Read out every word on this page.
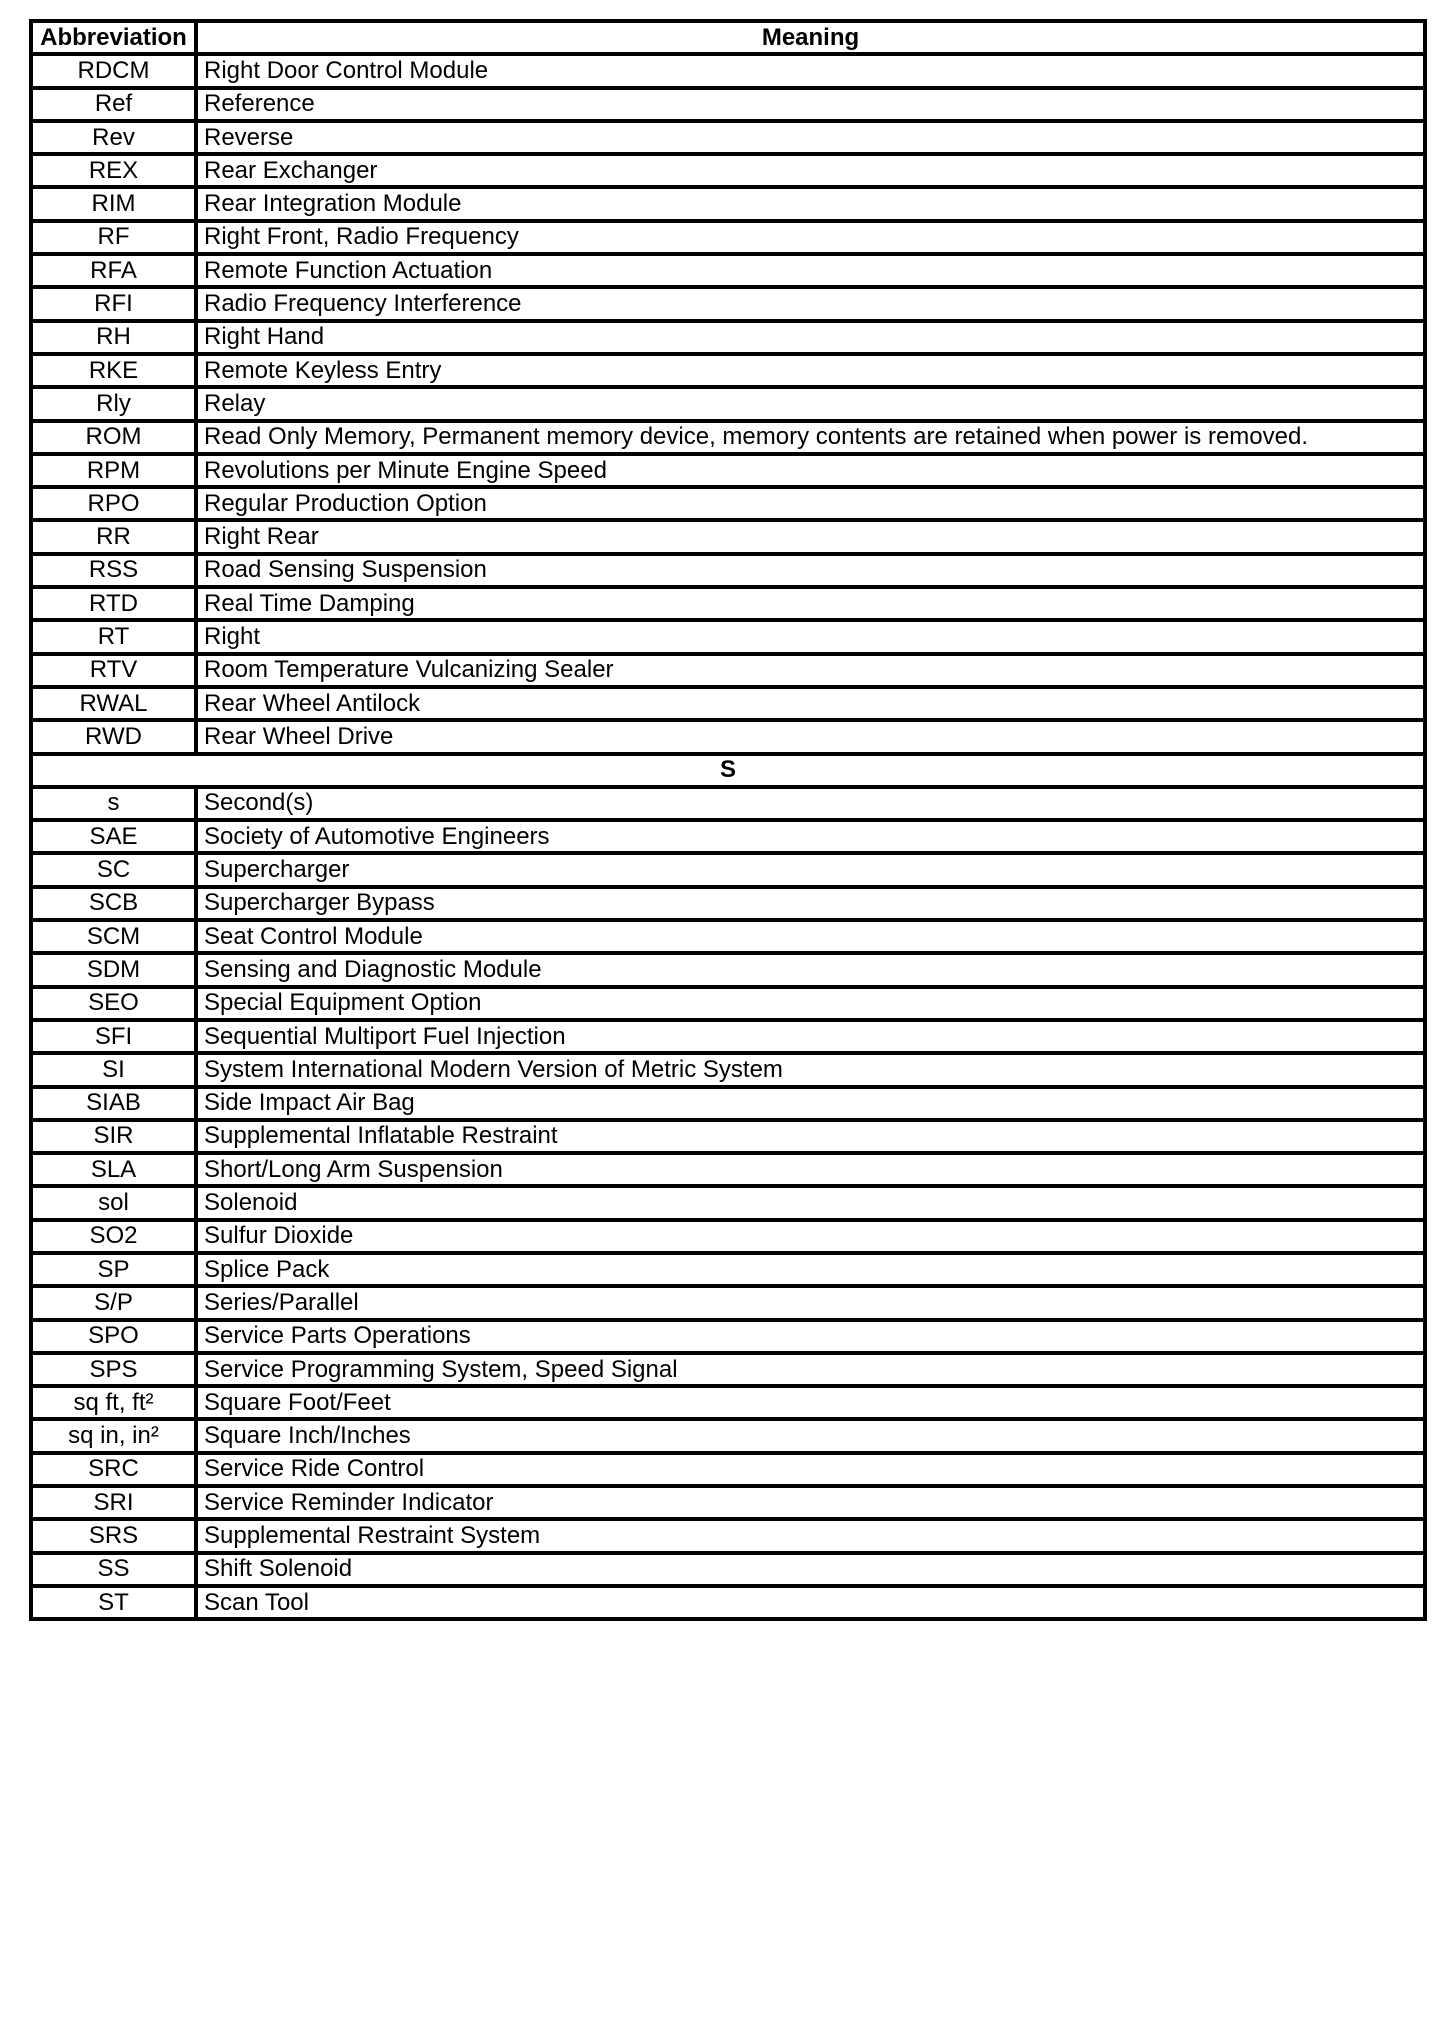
Abbreviation	Meaning
RDCM	Right Door Control Module
Ref	Reference
Rev	Reverse
REX	Rear Exchanger
RIM	Rear Integration Module
RF	Right Front, Radio Frequency
RFA	Remote Function Actuation
RFI	Radio Frequency Interference
RH	Right Hand
RKE	Remote Keyless Entry
Rly	Relay
ROM	Read Only Memory, Permanent memory device, memory contents are retained when power is removed.
RPM	Revolutions per Minute Engine Speed
RPO	Regular Production Option
RR	Right Rear
RSS	Road Sensing Suspension
RTD	Real Time Damping
RT	Right
RTV	Room Temperature Vulcanizing Sealer
RWAL	Rear Wheel Antilock
RWD	Rear Wheel Drive
S	
s	Second(s)
SAE	Society of Automotive Engineers
SC	Supercharger
SCB	Supercharger Bypass
SCM	Seat Control Module
SDM	Sensing and Diagnostic Module
SEO	Special Equipment Option
SFI	Sequential Multiport Fuel Injection
SI	System International Modern Version of Metric System
SIAB	Side Impact Air Bag
SIR	Supplemental Inflatable Restraint
SLA	Short/Long Arm Suspension
sol	Solenoid
SO2	Sulfur Dioxide
SP	Splice Pack
S/P	Series/Parallel
SPO	Service Parts Operations
SPS	Service Programming System, Speed Signal
sq ft, ft²	Square Foot/Feet
sq in, in²	Square Inch/Inches
SRC	Service Ride Control
SRI	Service Reminder Indicator
SRS	Supplemental Restraint System
SS	Shift Solenoid
ST	Scan Tool
